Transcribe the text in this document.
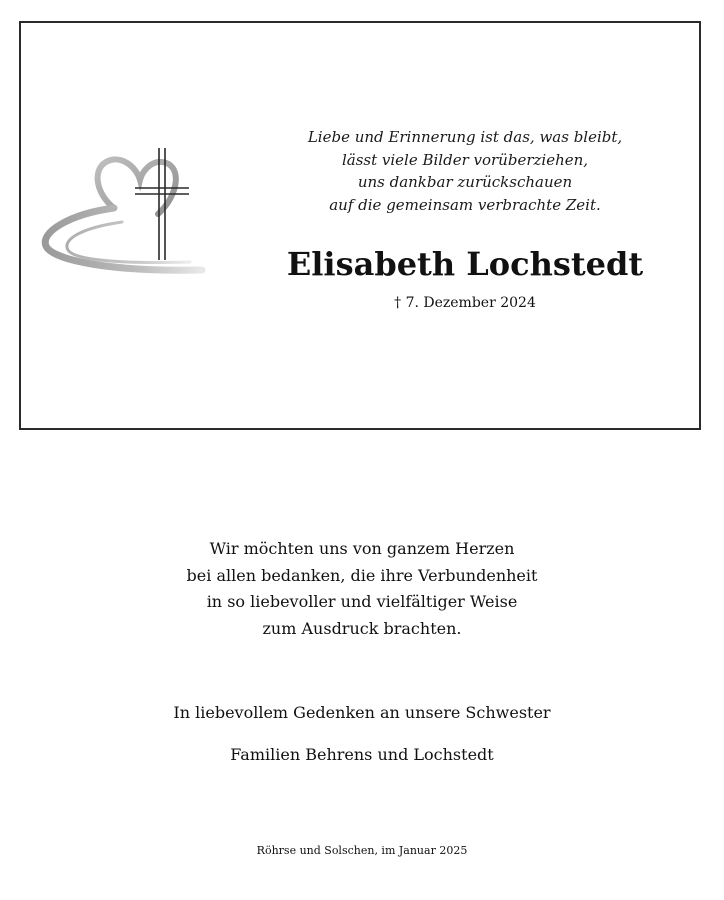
Liebe und Erinnerung ist das, was bleibt,
lässt viele Bilder vorüberziehen,
uns dankbar zurückschauen
auf die gemeinsam verbrachte Zeit.
Elisabeth Lochstedt
† 7. Dezember 2024
Wir möchten uns von ganzem Herzen
bei allen bedanken, die ihre Verbundenheit
in so liebevoller und vielfältiger Weise
zum Ausdruck brachten.
In liebevollem Gedenken an unsere Schwester
Familien Behrens und Lochstedt
Röhrse und Solschen, im Januar 2025
